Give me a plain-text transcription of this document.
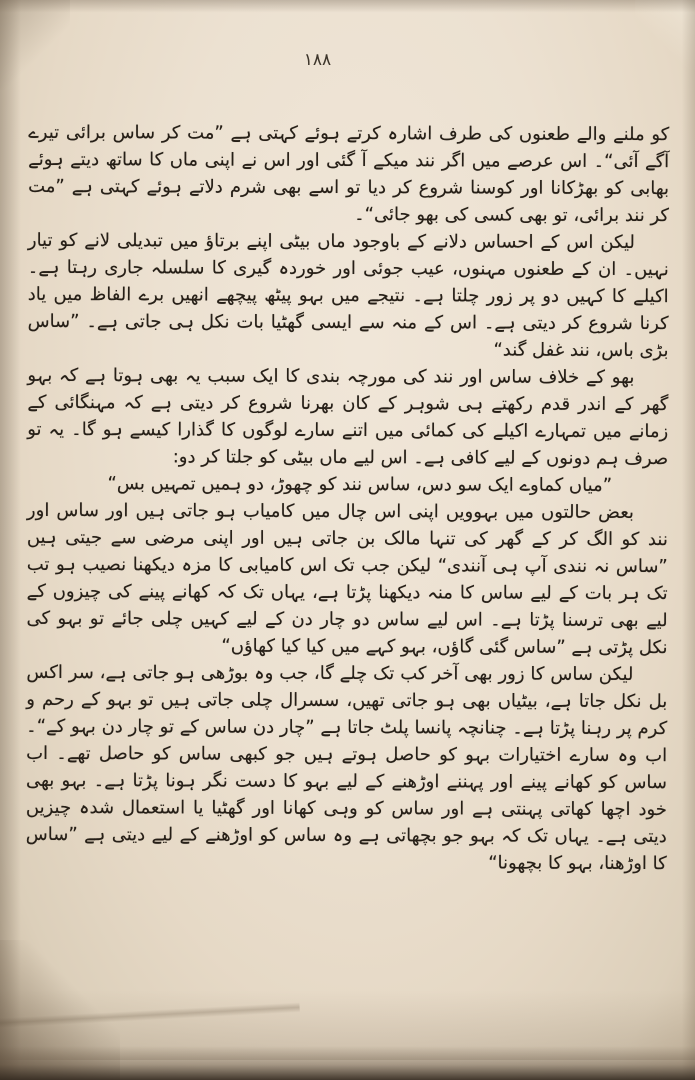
۱۸۸

کو ملنے والے طعنوں کی طرف اشارہ کرتے ہوئے کہتی ہے ”مت کر ساس برائی تیرے آگے آئی“۔ اس عرصے میں اگر نند میکے آ گئی اور اس نے اپنی ماں کا ساتھ دیتے ہوئے بھابی کو بھڑکانا اور کوسنا شروع کر دیا تو اسے بھی شرم دلاتے ہوئے کہتی ہے ”مت کر نند برائی، تو بھی کسی کی بھو جائی“۔

لیکن اس کے احساس دلانے کے باوجود ماں بیٹی اپنے برتاؤ میں تبدیلی لانے کو تیار نہیں۔ ان کے طعنوں مہنوں، عیب جوئی اور خوردہ گیری کا سلسلہ جاری رہتا ہے۔ اکیلے کا کہیں دو پر زور چلتا ہے۔ نتیجے میں بہو پیٹھ پیچھے انھیں برے الفاظ میں یاد کرنا شروع کر دیتی ہے۔ اس کے منہ سے ایسی گھٹیا بات نکل ہی جاتی ہے۔ ”ساس بڑی باس، نند غفل گند“

بھو کے خلاف ساس اور نند کی مورچہ بندی کا ایک سبب یہ بھی ہوتا ہے کہ بہو گھر کے اندر قدم رکھتے ہی شوہر کے کان بھرنا شروع کر دیتی ہے کہ مہنگائی کے زمانے میں تمہارے اکیلے کی کمائی میں اتنے سارے لوگوں کا گذارا کیسے ہو گا۔ یہ تو صرف ہم دونوں کے لیے کافی ہے۔ اس لیے ماں بیٹی کو جلتا کر دو:

”میاں کماوے ایک سو دس، ساس نند کو چھوڑ، دو ہمیں تمہیں بس“

بعض حالتوں میں بہوویں اپنی اس چال میں کامیاب ہو جاتی ہیں اور ساس اور نند کو الگ کر کے گھر کی تنہا مالک بن جاتی ہیں اور اپنی مرضی سے جیتی ہیں ”ساس نہ نندی آپ ہی آنندی“ لیکن جب تک اس کامیابی کا مزہ دیکھنا نصیب ہو تب تک ہر بات کے لیے ساس کا منہ دیکھنا پڑتا ہے، یہاں تک کہ کھانے پینے کی چیزوں کے لیے بھی ترسنا پڑتا ہے۔ اس لیے ساس دو چار دن کے لیے کہیں چلی جائے تو بہو کی نکل پڑتی ہے ”ساس گئی گاؤں، بہو کہے میں کیا کیا کھاؤں“

لیکن ساس کا زور بھی آخر کب تک چلے گا، جب وہ بوڑھی ہو جاتی ہے، سر اکس بل نکل جاتا ہے، بیٹیاں بھی ہو جاتی تھیں، سسرال چلی جاتی ہیں تو بہو کے رحم و کرم پر رہنا پڑتا ہے۔ چنانچہ پانسا پلٹ جاتا ہے ”چار دن ساس کے تو چار دن بہو کے“۔ اب وہ سارے اختیارات بہو کو حاصل ہوتے ہیں جو کبھی ساس کو حاصل تھے۔ اب ساس کو کھانے پینے اور پہننے اوڑھنے کے لیے بہو کا دست نگر ہونا پڑتا ہے۔ بہو بھی خود اچھا کھاتی پہنتی ہے اور ساس کو وہی کھانا اور گھٹیا یا استعمال شدہ چیزیں دیتی ہے۔ یہاں تک کہ بہو جو بچھاتی ہے وہ ساس کو اوڑھنے کے لیے دیتی ہے ”ساس کا اوڑھنا، بہو کا بچھونا“
